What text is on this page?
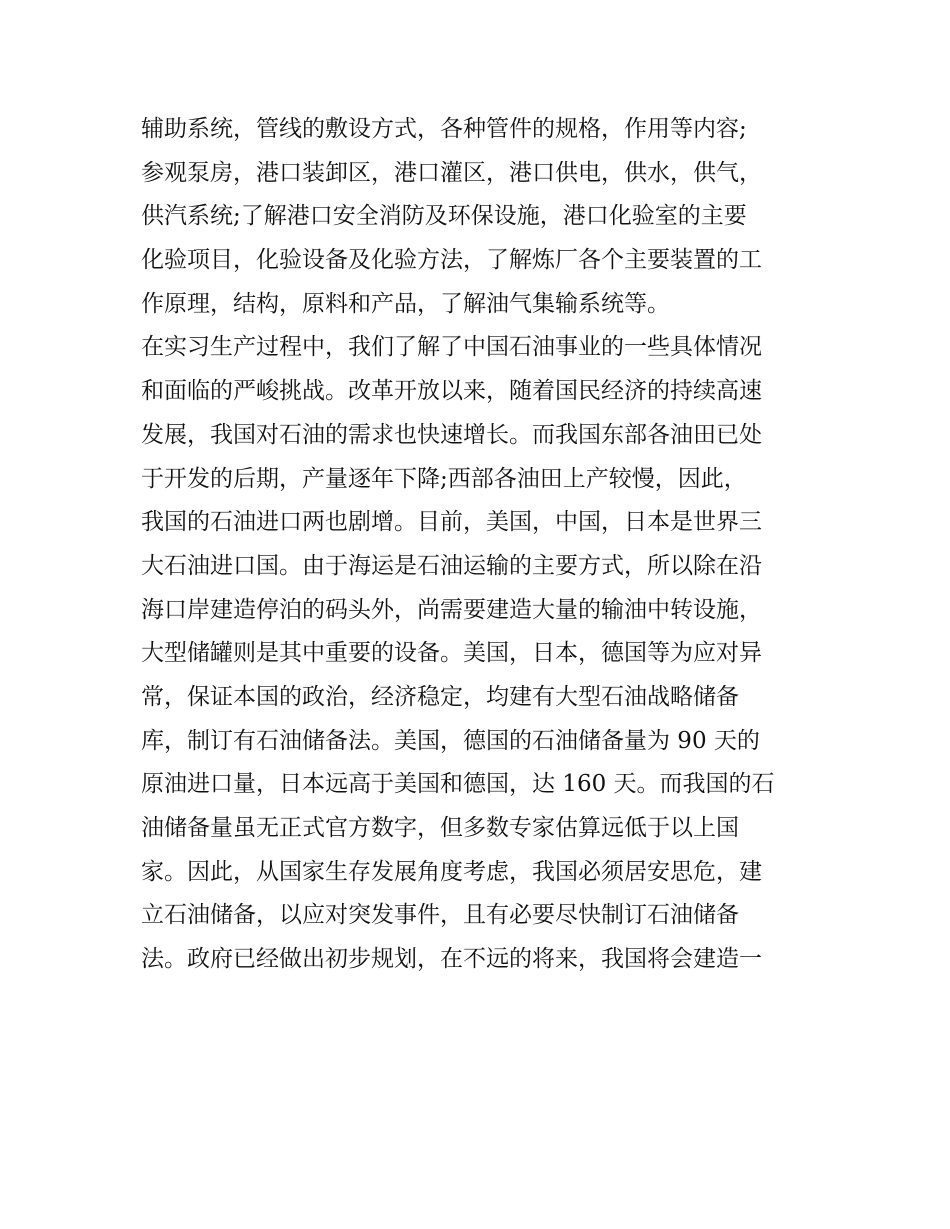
辅助系统，管线的敷设方式，各种管件的规格，作用等内容;
参观泵房，港口装卸区，港口灌区，港口供电，供水，供气，
供汽系统;了解港口安全消防及环保设施，港口化验室的主要
化验项目，化验设备及化验方法，了解炼厂各个主要装置的工
作原理，结构，原料和产品，了解油气集输系统等。
在实习生产过程中，我们了解了中国石油事业的一些具体情况
和面临的严峻挑战。改革开放以来，随着国民经济的持续高速
发展，我国对石油的需求也快速增长。而我国东部各油田已处
于开发的后期，产量逐年下降;西部各油田上产较慢，因此，
我国的石油进口两也剧增。目前，美国，中国，日本是世界三
大石油进口国。由于海运是石油运输的主要方式，所以除在沿
海口岸建造停泊的码头外，尚需要建造大量的输油中转设施，
大型储罐则是其中重要的设备。美国，日本，德国等为应对异
常，保证本国的政治，经济稳定，均建有大型石油战略储备
库，制订有石油储备法。美国，德国的石油储备量为 90 天的
原油进口量，日本远高于美国和德国，达 160 天。而我国的石
油储备量虽无正式官方数字，但多数专家估算远低于以上国
家。因此，从国家生存发展角度考虑，我国必须居安思危，建
立石油储备，以应对突发事件，且有必要尽快制订石油储备
法。政府已经做出初步规划，在不远的将来，我国将会建造一
